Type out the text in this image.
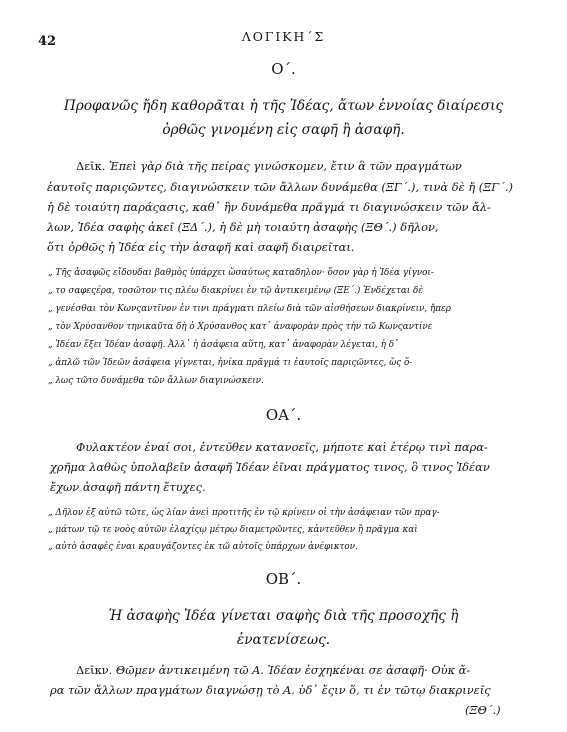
42	ΛΟΓΙΚΗ΄Σ
Ο΄.
Προφανῶς ἤδη καθορᾶται ἡ τῆς Ἰδέας, ἄτων ἐννοίας διαίρεσις
ὀρθῶς γινομένη εἰς σαφῆ ἢ ἀσαφῆ.
Δεῖκ. Ἐπεὶ γὰρ διὰ τῆς πείρας γινώσκομεν, ἔτιν ἃ τῶν πραγμάτων
ἑαυτοῖς παριςῶντες, διαγινώσκειν τῶν ἄλλων δυνάμεθα (ΞΓ΄.), τινὰ δὲ ἤ (ΞΓ΄.)
ἡ δὲ τοιαύτη παράςασις, καθ᾽ ἣν δυνάμεθα πρᾶγμά τι διαγινώσκειν τῶν ἄλ-
λων, Ἰδέα σαφὴς ἀκεῖ (ΞΔ΄.), ἡ δὲ μὴ τοιαύτη ἀσαφὴς (ΞΘ΄.) δῆλον,
ὅτι ὀρθῶς ἡ Ἰδέα εἰς τὴν ἀσαφῆ καὶ σαφῆ διαιρεῖται.
„ Τῆς ἀσαφῶς εἴδουδαι βαθμὸς ὑπάρχει ὥσαύτως καταδηλον· ὅσον γὰρ ἡ Ἰδέα γίγνοι-
„ το σαφεςέρα, τοσῶτον τις πλέω διακρίνει ἐν τῷ ἀντικειμένῳ (ΞΕ΄.) Ἐνδέχεται δὲ
„ γενέσθαι τὸν Κωνςαντῖνον ἐν τινι πράγματι πλείω διὰ τῶν αἰσθήσεων διακρίνειν, ἤπερ
„ τὸν Χρύσανθον τηνικαῦτα δὴ ὁ Χρύσανθος κατ᾽ ἀναφορὰν πρὸς τὴν τῶ Κωνςαντίνε
„ Ἰδέαν ἕξει Ἰδέαν ἀσαφῆ. Ἀλλ᾽ ἡ ἀσάφεια αὕτη, κατ᾽ ἀναφορὰν λέγεται, ἡ δ᾽
„ ἁπλῶ τῶν Ἰδεῶν ἀσάφεια γίγνεται, ἡνίκα πρᾶγμά τι ἑαυτοῖς παριςῶντες, ὥς ὅ-
„ λως τῶτο δυνάμεθα τῶν ἄλλων διαγινώσκειν.
ΟΑ΄.
Φυλακτέον ἐναί σοι, ἐντεῦθεν κατανοεῖς, μήποτε καὶ ἑτέρῳ τινὶ παρα-
χρῆμα λαθὼς ὑπολαβεῖν ἀσαφῆ Ἰδέαν ἐῖναι πράγματος τινος, ὃ τινος Ἰδέαν
ἔχων ἀσαφῆ πάντη ἔτυχες.
„ Δῆλον ἐξ αὐτῶ τῶτε, ὡς λίαν ἀνεὶ προτιτῆς ἐν τῷ κρίνειν οἱ τὴν ἀσάφειαν τῶν πραγ-
„ μάτων τῷ τε νοὸς αὐτῶν ἐλαχίςῳ μέτρῳ διαμετρῶντες, κἀντεῦθεν ἢ πρᾶγμα καὶ
„ αὐτὸ ἀσαφὲς ἐναι κραυγάζοντες ἐκ τῶ αὐτοῖς ὑπάρχων ἀνέφικτον.
ΟΒ΄.
Ἡ ἀσαφὴς Ἰδέα γίνεται σαφὴς διὰ τῆς προσοχῆς ἢ
ἐνατενίσεως.
Δεῖκν. Θῶμεν ἀντικειμένη τῶ Α. Ἰδέαν ἐσχηκέναι σε ἀσαφῆ· Οὐκ ἄ-
ρα τῶν ἄλλων πραγμάτων διαγνώσῃ τὸ Α. ὑδ᾽ ἔςιν ὅ, τι ἐν τῶτῳ διακρινεῖς
(ΞΘ΄.)
